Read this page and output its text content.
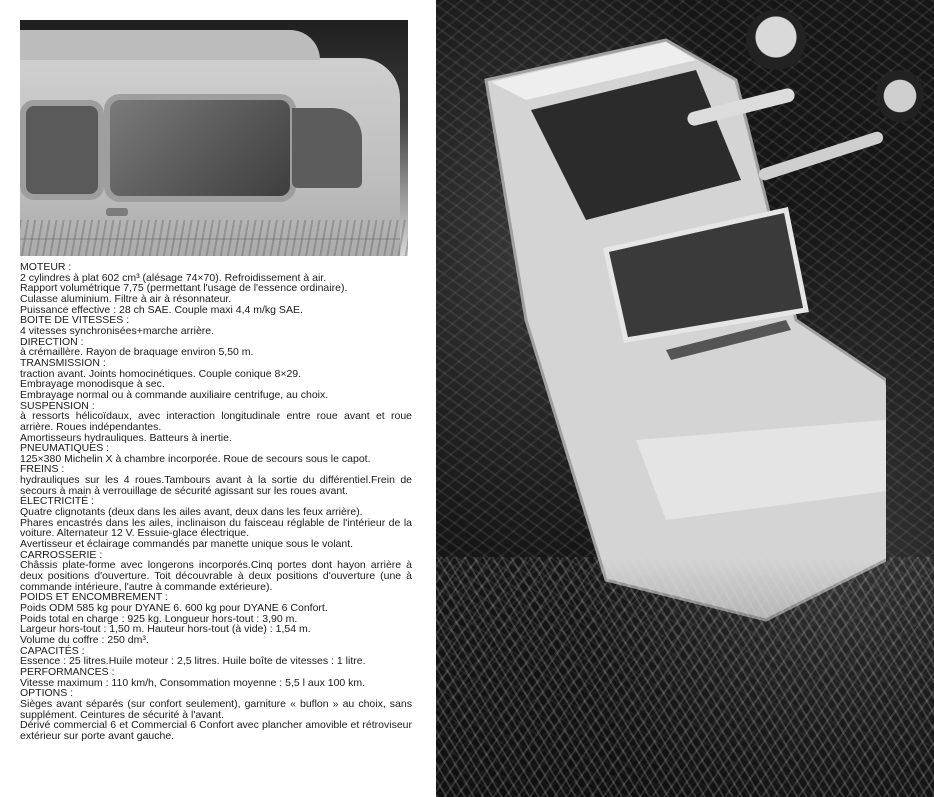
MOTEUR :

2 cylindres à plat 602 cm³ (alésage 74×70). Refroidissement à air.

Rapport volumétrique 7,75 (permettant l'usage de l'essence ordinaire).

Culasse aluminium. Filtre à air à résonnateur.

Puissance effective : 28 ch SAE. Couple maxi 4,4 m/kg SAE.

BOITE DE VITESSES :

4 vitesses synchronisées+marche arrière.

DIRECTION :

à crémaillère. Rayon de braquage environ 5,50 m.

TRANSMISSION :

traction avant. Joints homocinétiques. Couple conique 8×29.

Embrayage monodisque à sec.

Embrayage normal ou à commande auxiliaire centrifuge, au choix.

SUSPENSION :

à ressorts hélicoïdaux, avec interaction longitudinale entre roue avant et roue arrière. Roues indépendantes.

Amortisseurs hydrauliques. Batteurs à inertie.

PNEUMATIQUES :

125×380 Michelin X à chambre incorporée. Roue de secours sous le capot.

FREINS :

hydrauliques sur les 4 roues.Tambours avant à la sortie du différentiel.Frein de secours à main à verrouillage de sécurité agissant sur les roues avant.

ÉLECTRICITÉ :

Quatre clignotants (deux dans les ailes avant, deux dans les feux arrière).

Phares encastrés dans les ailes, inclinaison du faisceau réglable de l'intérieur de la voiture. Alternateur 12 V. Essuie-glace électrique.

Avertisseur et éclairage commandés par manette unique sous le volant.

CARROSSERIE :

Châssis plate-forme avec longerons incorporés.Cinq portes dont hayon arrière à deux positions d'ouverture. Toit découvrable à deux positions d'ouverture (une à commande intérieure, l'autre à commande extérieure).

POIDS ET ENCOMBREMENT :

Poids ODM 585 kg pour DYANE 6. 600 kg pour DYANE 6 Confort.

Poids total en charge : 925 kg. Longueur hors-tout : 3,90 m.

Largeur hors-tout : 1,50 m. Hauteur hors-tout (à vide) : 1,54 m.

Volume du coffre : 250 dm³.

CAPACITÉS :

Essence : 25 litres.Huile moteur : 2,5 litres. Huile boîte de vitesses : 1 litre.

PERFORMANCES :

Vitesse maximum : 110 km/h, Consommation moyenne : 5,5 l aux 100 km.

OPTIONS :

Sièges avant séparés (sur confort seulement), garniture « buflon » au choix, sans supplément. Ceintures de sécurité à l'avant.

Dérivé commercial 6 et Commercial 6 Confort avec plancher amovible et rétroviseur extérieur sur porte avant gauche.
